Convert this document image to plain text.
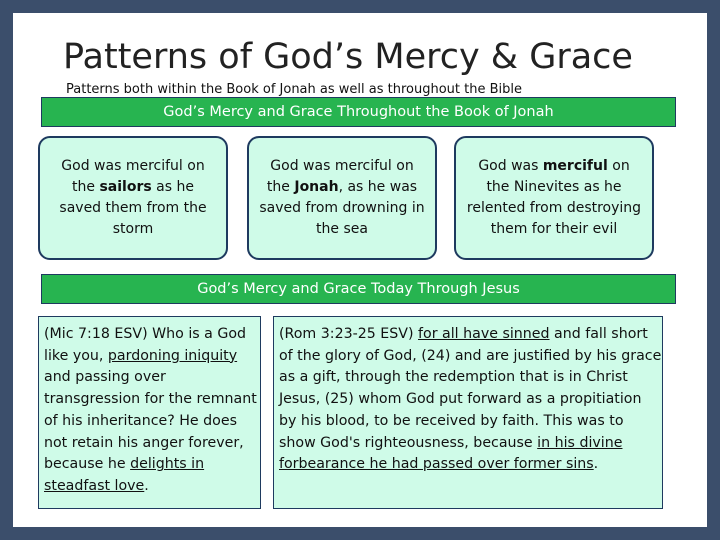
Patterns of God’s Mercy & Grace
Patterns both within the Book of Jonah as well as throughout the Bible
God’s Mercy and Grace Throughout the Book of Jonah
God was merciful on the sailors as he saved them from the storm
God was merciful on the Jonah, as he was saved from drowning in the sea
God was merciful on the Ninevites as he relented from destroying them for their evil
God’s Mercy and Grace Today Through Jesus
(Mic 7:18 ESV) Who is a God like you, pardoning iniquity and passing over transgression for the remnant of his inheritance? He does not retain his anger forever, because he delights in steadfast love.
(Rom 3:23-25 ESV) for all have sinned and fall short of the glory of God, (24) and are justified by his grace as a gift, through the redemption that is in Christ Jesus, (25) whom God put forward as a propitiation by his blood, to be received by faith. This was to show God's righteousness, because in his divine forbearance he had passed over former sins.
